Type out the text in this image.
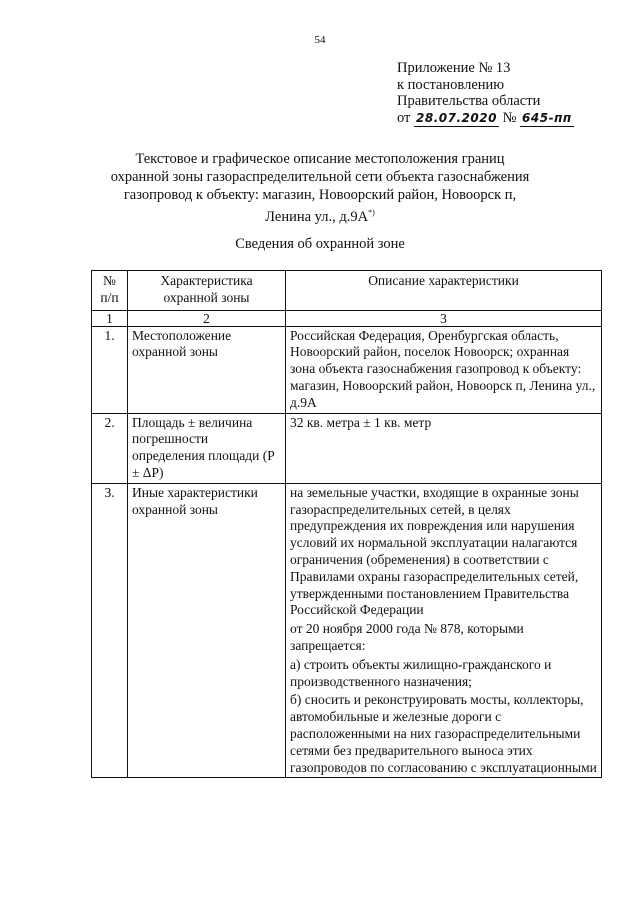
54
Приложение № 13
к постановлению
Правительства области
от
28.07.2020
№
645-пп
Текстовое и графическое описание местоположения границ
охранной зоны газораспределительной сети объекта газоснабжения
газопровод к объекту: магазин, Новоорский район, Новоорск п,
Ленина ул., д.9А*)
Сведения об охранной зоне
№ п/п	Характеристика охранной зоны	Описание характеристики
1	2	3
1.	Местоположение охранной зоны	Российская Федерация, Оренбургская область, Новоорский район, поселок Новоорск; охранная зона объекта газоснабжения газопровод к объекту: магазин, Новоорский район, Новоорск п, Ленина ул., д.9А
2.	Площадь ± величина погрешности определения площади (P ± ΔP)	32 кв. метра ± 1 кв. метр
3.	Иные характеристики охранной зоны	на земельные участки, входящие в охранные зоны газораспределительных сетей, в целях предупреждения их повреждения или нарушения условий их нормальной эксплуатации налагаются ограничения (обременения) в соответствии с Правилами охраны газораспределительных сетей, утвержденными постановлением Правительства Российской Федерации
от 20 ноября 2000 года № 878, которыми запрещается:
а) строить объекты жилищно-гражданского и производственного назначения;
б) сносить и реконструировать мосты, коллекторы, автомобильные и железные дороги с расположенными на них газораспределительными сетями без предварительного выноса этих газопроводов по согласованию с эксплуатационными
